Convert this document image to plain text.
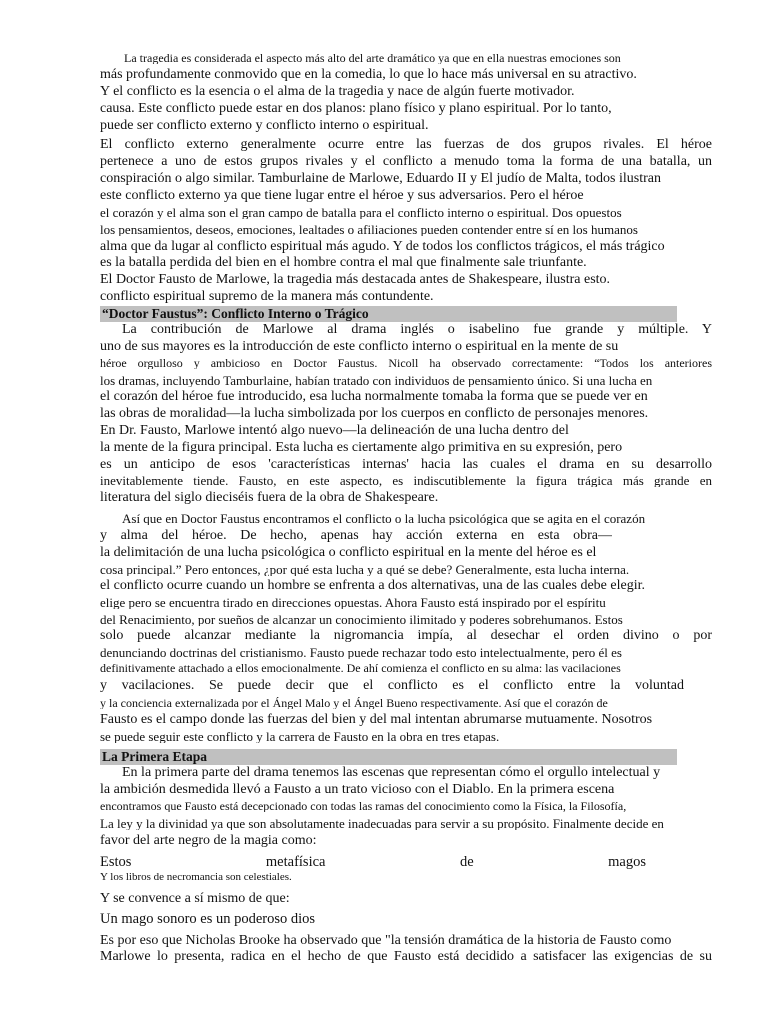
La tragedia es considerada el aspecto más alto del arte dramático ya que en ella nuestras emociones son
más profundamente conmovido que en la comedia, lo que lo hace más universal en su atractivo.
Y el conflicto es la esencia o el alma de la tragedia y nace de algún fuerte motivador.
causa. Este conflicto puede estar en dos planos: plano físico y plano espiritual. Por lo tanto,
puede ser conflicto externo y conflicto interno o espiritual.
El conflicto externo generalmente ocurre entre las fuerzas de dos grupos rivales. El héroe
pertenece a uno de estos grupos rivales y el conflicto a menudo toma la forma de una batalla, un
conspiración o algo similar. Tamburlaine de Marlowe, Eduardo II y El judío de Malta, todos ilustran
este conflicto externo ya que tiene lugar entre el héroe y sus adversarios. Pero el héroe
el corazón y el alma son el gran campo de batalla para el conflicto interno o espiritual. Dos opuestos
los pensamientos, deseos, emociones, lealtades o afiliaciones pueden contender entre sí en los humanos
alma que da lugar al conflicto espiritual más agudo. Y de todos los conflictos trágicos, el más trágico
es la batalla perdida del bien en el hombre contra el mal que finalmente sale triunfante.
El Doctor Fausto de Marlowe, la tragedia más destacada antes de Shakespeare, ilustra esto.
conflicto espiritual supremo de la manera más contundente.
“Doctor Faustus”: Conflicto Interno o Trágico
La contribución de Marlowe al drama inglés o isabelino fue grande y múltiple. Y
uno de sus mayores es la introducción de este conflicto interno o espiritual en la mente de su
héroe orgulloso y ambicioso en Doctor Faustus. Nicoll ha observado correctamente: “Todos los anteriores
los dramas, incluyendo Tamburlaine, habían tratado con individuos de pensamiento único. Si una lucha en
el corazón del héroe fue introducido, esa lucha normalmente tomaba la forma que se puede ver en
las obras de moralidad—la lucha simbolizada por los cuerpos en conflicto de personajes menores.
En Dr. Fausto, Marlowe intentó algo nuevo—la delineación de una lucha dentro del
la mente de la figura principal. Esta lucha es ciertamente algo primitiva en su expresión, pero
es un anticipo de esos 'características internas' hacia las cuales el drama en su desarrollo
inevitablemente tiende. Fausto, en este aspecto, es indiscutiblemente la figura trágica más grande en
literatura del siglo dieciséis fuera de la obra de Shakespeare.
Así que en Doctor Faustus encontramos el conflicto o la lucha psicológica que se agita en el corazón
y alma del héroe. De hecho, apenas hay acción externa en esta obra—
la delimitación de una lucha psicológica o conflicto espiritual en la mente del héroe es el
cosa principal.” Pero entonces, ¿por qué esta lucha y a qué se debe? Generalmente, esta lucha interna.
el conflicto ocurre cuando un hombre se enfrenta a dos alternativas, una de las cuales debe elegir.
elige pero se encuentra tirado en direcciones opuestas. Ahora Fausto está inspirado por el espíritu
del Renacimiento, por sueños de alcanzar un conocimiento ilimitado y poderes sobrehumanos. Estos
solo puede alcanzar mediante la nigromancia impía, al desechar el orden divino o por
denunciando doctrinas del cristianismo. Fausto puede rechazar todo esto intelectualmente, pero él es
definitivamente attachado a ellos emocionalmente. De ahí comienza el conflicto en su alma: las vacilaciones
y vacilaciones. Se puede decir que el conflicto es el conflicto entre la voluntad
y la conciencia externalizada por el Ángel Malo y el Ángel Bueno respectivamente. Así que el corazón de
Fausto es el campo donde las fuerzas del bien y del mal intentan abrumarse mutuamente. Nosotros
se puede seguir este conflicto y la carrera de Fausto en la obra en tres etapas.
La Primera Etapa
En la primera parte del drama tenemos las escenas que representan cómo el orgullo intelectual y
la ambición desmedida llevó a Fausto a un trato vicioso con el Diablo. En la primera escena
encontramos que Fausto está decepcionado con todas las ramas del conocimiento como la Física, la Filosofía,
La ley y la divinidad ya que son absolutamente inadecuadas para servir a su propósito. Finalmente decide en
favor del arte negro de la magia como:
Estos	metafísica	de	magos
Y los libros de necromancia son celestiales.
Y se convence a sí mismo de que:
Un mago sonoro es un poderoso dios
Es por eso que Nicholas Brooke ha observado que "la tensión dramática de la historia de Fausto como
Marlowe lo presenta, radica en el hecho de que Fausto está decidido a satisfacer las exigencias de su
